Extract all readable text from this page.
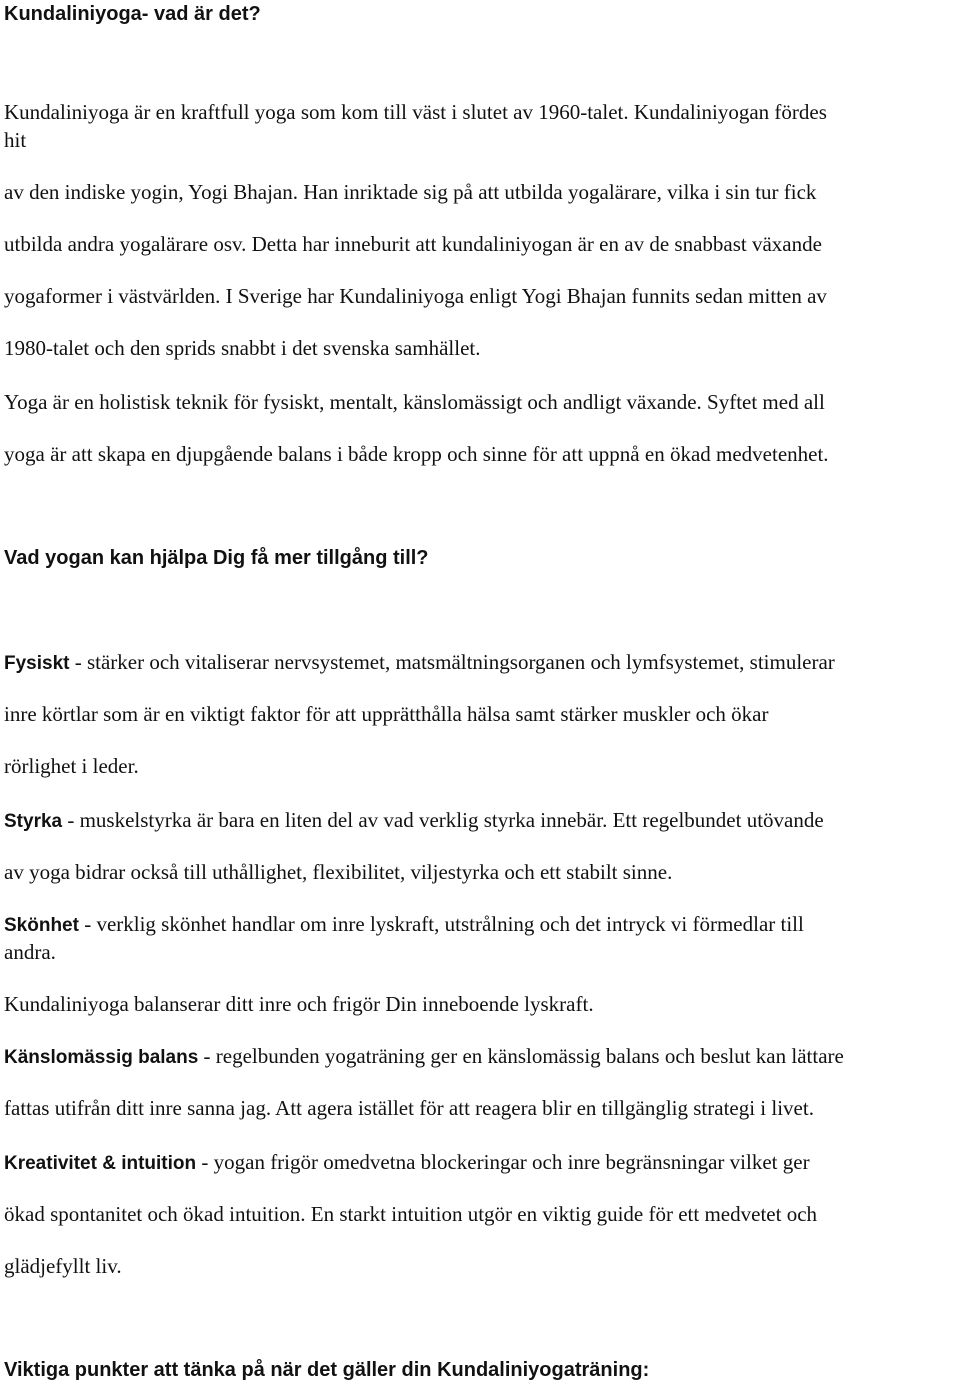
Kundaliniyoga- vad är det?

Kundaliniyoga är en kraftfull yoga som kom till väst i slutet av 1960-talet. Kundaliniyogan fördes

hit

av den indiske yogin, Yogi Bhajan. Han inriktade sig på att utbilda yogalärare, vilka i sin tur fick

utbilda andra yogalärare osv. Detta har inneburit att kundaliniyogan är en av de snabbast växande

yogaformer i västvärlden. I Sverige har Kundaliniyoga enligt Yogi Bhajan funnits sedan mitten av

1980-talet och den sprids snabbt i det svenska samhället.

Yoga är en holistisk teknik för fysiskt, mentalt, känslomässigt och andligt växande. Syftet med all

yoga är att skapa en djupgående balans i både kropp och sinne för att uppnå en ökad medvetenhet.

Vad yogan kan hjälpa Dig få mer tillgång till?

Fysiskt - stärker och vitaliserar nervsystemet, matsmältningsorganen och lymfsystemet, stimulerar

inre körtlar som är en viktigt faktor för att upprätthålla hälsa samt stärker muskler och ökar

rörlighet i leder.

Styrka - muskelstyrka är bara en liten del av vad verklig styrka innebär. Ett regelbundet utövande

av yoga bidrar också till uthållighet, flexibilitet, viljestyrka och ett stabilt sinne.

Skönhet - verklig skönhet handlar om inre lyskraft, utstrålning och det intryck vi förmedlar till

andra.

Kundaliniyoga balanserar ditt inre och frigör Din inneboende lyskraft.

Känslomässig balans - regelbunden yogaträning ger en känslomässig balans och beslut kan lättare

fattas utifrån ditt inre sanna jag. Att agera istället för att reagera blir en tillgänglig strategi i livet.

Kreativitet & intuition - yogan frigör omedvetna blockeringar och inre begränsningar vilket ger

ökad spontanitet och ökad intuition. En starkt intuition utgör en viktig guide för ett medvetet och

glädjefyllt liv.

Viktiga punkter att tänka på när det gäller din Kundaliniyogaträning:
